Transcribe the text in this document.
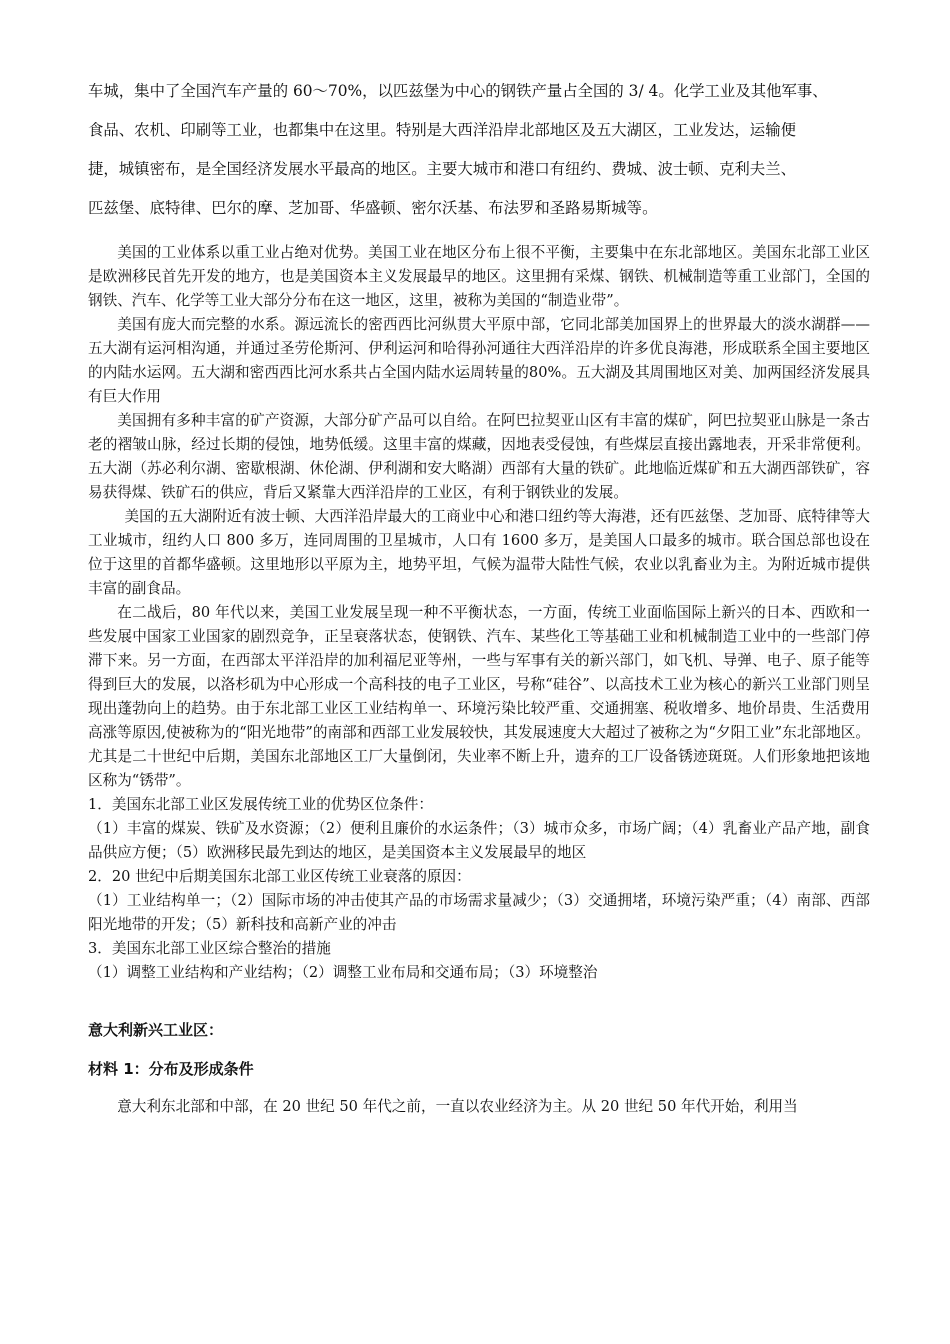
车城，集中了全国汽车产量的 60～70%，以匹兹堡为中心的钢铁产量占全国的 3/ 4。化学工业及其他军事、

食品、农机、印刷等工业，也都集中在这里。特别是大西洋沿岸北部地区及五大湖区，工业发达，运输便

捷，城镇密布，是全国经济发展水平最高的地区。主要大城市和港口有纽约、费城、波士顿、克利夫兰、

匹兹堡、底特律、巴尔的摩、芝加哥、华盛顿、密尔沃基、布法罗和圣路易斯城等。

美国的工业体系以重工业占绝对优势。美国工业在地区分布上很不平衡，主要集中在东北部地区。美国东北部工业区是欧洲移民首先开发的地方，也是美国资本主义发展最早的地区。这里拥有采煤、钢铁、机械制造等重工业部门，全国的钢铁、汽车、化学等工业大部分分布在这一地区，这里，被称为美国的“制造业带”。

美国有庞大而完整的水系。源远流长的密西西比河纵贯大平原中部，它同北部美加国界上的世界最大的淡水湖群——五大湖有运河相沟通，并通过圣劳伦斯河、伊利运河和哈得孙河通往大西洋沿岸的许多优良海港，形成联系全国主要地区的内陆水运网。五大湖和密西西比河水系共占全国内陆水运周转量的80%。五大湖及其周围地区对美、加两国经济发展具有巨大作用

美国拥有多种丰富的矿产资源，大部分矿产品可以自给。在阿巴拉契亚山区有丰富的煤矿，阿巴拉契亚山脉是一条古老的褶皱山脉，经过长期的侵蚀，地势低缓。这里丰富的煤藏，因地表受侵蚀，有些煤层直接出露地表，开采非常便利。五大湖（苏必利尔湖、密歇根湖、休伦湖、伊利湖和安大略湖）西部有大量的铁矿。此地临近煤矿和五大湖西部铁矿，容易获得煤、铁矿石的供应，背后又紧靠大西洋沿岸的工业区，有利于钢铁业的发展。

美国的五大湖附近有波士顿、大西洋沿岸最大的工商业中心和港口纽约等大海港，还有匹兹堡、芝加哥、底特律等大工业城市，纽约人口 800 多万，连同周围的卫星城市，人口有 1600 多万，是美国人口最多的城市。联合国总部也设在位于这里的首都华盛顿。这里地形以平原为主，地势平坦，气候为温带大陆性气候，农业以乳畜业为主。为附近城市提供丰富的副食品。

在二战后，80 年代以来，美国工业发展呈现一种不平衡状态，一方面，传统工业面临国际上新兴的日本、西欧和一些发展中国家工业国家的剧烈竞争，正呈衰落状态，使钢铁、汽车、某些化工等基础工业和机械制造工业中的一些部门停滞下来。另一方面，在西部太平洋沿岸的加利福尼亚等州，一些与军事有关的新兴部门，如飞机、导弹、电子、原子能等得到巨大的发展，以洛杉矶为中心形成一个高科技的电子工业区，号称“硅谷”、以高技术工业为核心的新兴工业部门则呈现出蓬勃向上的趋势。由于东北部工业区工业结构单一、环境污染比较严重、交通拥塞、税收增多、地价昂贵、生活费用高涨等原因,使被称为的“阳光地带”的南部和西部工业发展较快，其发展速度大大超过了被称之为“夕阳工业”东北部地区。尤其是二十世纪中后期，美国东北部地区工厂大量倒闭，失业率不断上升，遗弃的工厂设备锈迹斑斑。人们形象地把该地区称为“锈带”。

1．美国东北部工业区发展传统工业的优势区位条件：

（1）丰富的煤炭、铁矿及水资源；（2）便利且廉价的水运条件；（3）城市众多，市场广阔；（4）乳畜业产品产地，副食品供应方便；（5）欧洲移民最先到达的地区，是美国资本主义发展最早的地区

2．20 世纪中后期美国东北部工业区传统工业衰落的原因：

（1）工业结构单一；（2）国际市场的冲击使其产品的市场需求量减少；（3）交通拥堵，环境污染严重；（4）南部、西部阳光地带的开发；（5）新科技和高新产业的冲击

3．美国东北部工业区综合整治的措施

（1）调整工业结构和产业结构；（2）调整工业布局和交通布局；（3）环境整治

意大利新兴工业区：

材料 1：分布及形成条件

意大利东北部和中部，在 20 世纪 50 年代之前，一直以农业经济为主。从 20 世纪 50 年代开始，利用当
